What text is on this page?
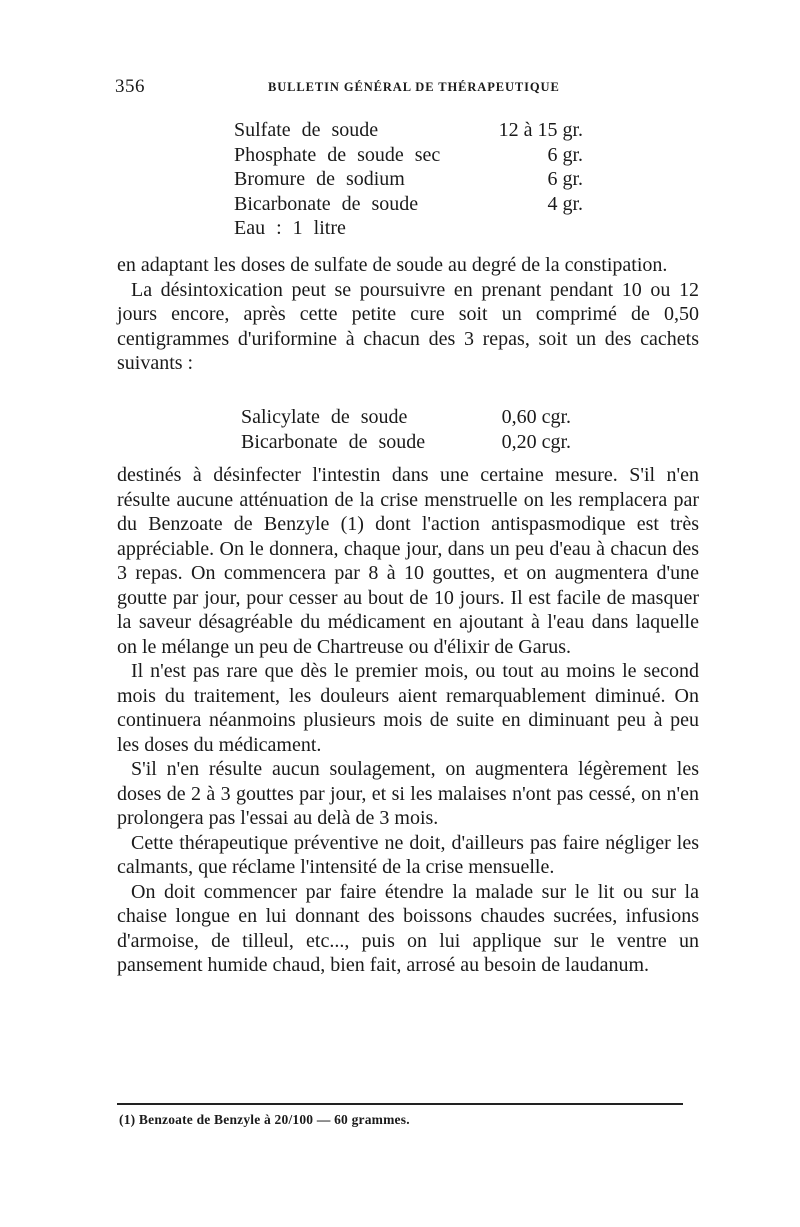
356	BULLETIN GÉNÉRAL DE THÉRAPEUTIQUE
Sulfate de soude	12 à 15 gr.
Phosphate de soude sec	6 gr.
Bromure de sodium	6 gr.
Bicarbonate de soude	4 gr.
Eau : 1 litre

en adaptant les doses de sulfate de soude au degré de la constipation.

La désintoxication peut se poursuivre en prenant pendant 10 ou 12 jours encore, après cette petite cure soit un comprimé de 0,50 centigrammes d'uriformine à chacun des 3 repas, soit un des cachets suivants :

Salicylate de soude	0,60 cgr.
Bicarbonate de soude	0,20 cgr.

destinés à désinfecter l'intestin dans une certaine mesure. S'il n'en résulte aucune atténuation de la crise menstruelle on les remplacera par du Benzoate de Benzyle (1) dont l'action antispasmodique est très appréciable. On le donnera, chaque jour, dans un peu d'eau à chacun des 3 repas. On commencera par 8 à 10 gouttes, et on augmentera d'une goutte par jour, pour cesser au bout de 10 jours. Il est facile de masquer la saveur désagréable du médicament en ajoutant à l'eau dans laquelle on le mélange un peu de Chartreuse ou d'élixir de Garus.

Il n'est pas rare que dès le premier mois, ou tout au moins le second mois du traitement, les douleurs aient remarquablement diminué. On continuera néanmoins plusieurs mois de suite en diminuant peu à peu les doses du médicament.

S'il n'en résulte aucun soulagement, on augmentera légèrement les doses de 2 à 3 gouttes par jour, et si les malaises n'ont pas cessé, on n'en prolongera pas l'essai au delà de 3 mois.

Cette thérapeutique préventive ne doit, d'ailleurs pas faire négliger les calmants, que réclame l'intensité de la crise mensuelle.

On doit commencer par faire étendre la malade sur le lit ou sur la chaise longue en lui donnant des boissons chaudes sucrées, infusions d'armoise, de tilleul, etc..., puis on lui applique sur le ventre un pansement humide chaud, bien fait, arrosé au besoin de laudanum.

(1) Benzoate de Benzyle à 20/100 — 60 grammes.
